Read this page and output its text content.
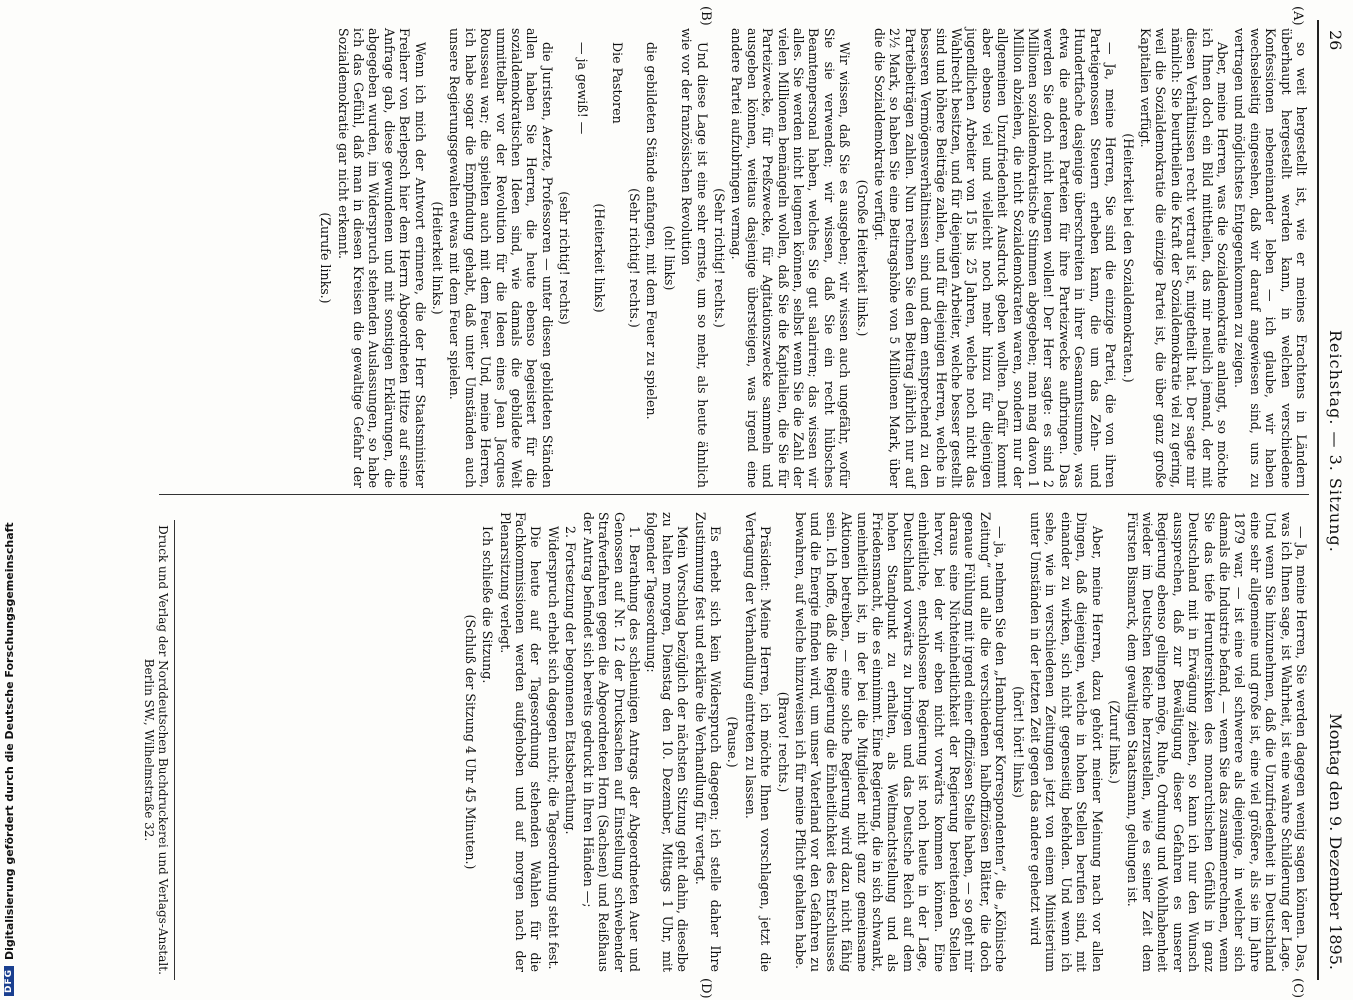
26
Reichstag. — 3. Sitzung.
Montag den 9. Dezember 1895.
(A)
(B)
(C)
(D)

so weit hergestellt ist, wie er meines Erachtens in Ländern überhaupt hergestellt werden kann, in welchen verschiedene Konfessionen nebeneinander leben — ich glaube, wir haben wechselseitig eingesehen, daß wir darauf angewiesen sind, uns zu vertragen und möglichstes Entgegenkommen zu zeigen.

Aber, meine Herren, was die Sozialdemokratie anlangt, so möchte ich Ihnen doch ein Bild mittheilen, das mir neulich jemand, der mit diesen Verhältnissen recht vertraut ist, mitgetheilt hat. Der sagte mir nämlich: Sie beurtheilen die Kraft der Sozialdemokratie viel zu gering, weil die Sozialdemokratie die einzige Partei ist, die über ganz große Kapitalien verfügt.

(Heiterkeit bei den Sozialdemokraten.)

— Ja, meine Herren, Sie sind die einzige Partei, die von ihren Parteigenossen Steuern erheben kann, die um das Zehn- und Hundertfache dasjenige überschreiten in ihrer Gesammtsumme, was etwa die anderen Parteien für ihre Parteizwecke aufbringen. Das werden Sie doch nicht leugnen wollen! Der Herr sagte: es sind 2 Millionen sozialdemokratische Stimmen abgegeben; man mag davon 1 Million abziehen, die nicht Sozialdemokraten waren, sondern nur der allgemeinen Unzufriedenheit Ausdruck geben wollten. Dafür kommt aber ebenso viel und vielleicht noch mehr hinzu für diejenigen jugendlichen Arbeiter von 15 bis 25 Jahren, welche noch nicht das Wahlrecht besitzen, und für diejenigen Arbeiter, welche besser gestellt sind und höhere Beiträge zahlen, und für diejenigen Herren, welche in besseren Vermögensverhältnissen sind und dem entsprechend zu den Parteibeiträgen zahlen. Nun rechnen Sie den Beitrag jährlich nur auf 2½ Mark, so haben Sie eine Beitragshöhe von 5 Millionen Mark, über die die Sozialdemokratie verfügt.

(Große Heiterkeit links.)

Wir wissen, daß Sie es ausgeben; wir wissen auch ungefähr, wofür Sie sie verwenden; wir wissen, daß Sie ein recht hübsches Beamtenpersonal haben, welches Sie gut salariren; das wissen wir alles. Sie werden nicht leugnen können, selbst wenn Sie die Zahl der vielen Millionen bemängeln wollen, daß Sie die Kapitalien, die Sie für Parteizwecke, für Preßzwecke, für Agitationszwecke sammeln und ausgeben können, weitaus dasjenige übersteigen, was irgend eine andere Partei aufzubringen vermag.

(Sehr richtig! rechts.)

Und diese Lage ist eine sehr ernste, um so mehr, als heute ähnlich wie vor der französischen Revolution

(oh! links)

die gebildeten Stände anfangen, mit dem Feuer zu spielen.

(Sehr richtig! rechts.)

Die Pastoren

(Heiterkeit links)

— ja gewiß! —

(sehr richtig! rechts)

die Juristen, Aerzte, Professoren — unter diesen gebildeten Ständen allen haben Sie Herren, die heute ebenso begeistert für die sozialdemokratischen Ideen sind, wie damals die gebildete Welt unmittelbar vor der Revolution für die Ideen eines Jean Jacques Rousseau war; die spielten auch mit dem Feuer. Und, meine Herren, ich habe sogar die Empfindung gehabt, daß unter Umständen auch unsere Regierungsgewalten etwas mit dem Feuer spielen.

(Heiterkeit links.)

Wenn ich mich der Antwort erinnere, die der Herr Staatsminister Freiherr von Berlepsch hier dem Herrn Abgeordneten Hitze auf seine Anfrage gab, diese gewundenen und mit sonstigen Erklärungen, die abgegeben wurden, im Widerspruch stehenden Auslassungen, so habe ich das Gefühl, daß man in diesen Kreisen die gewaltige Gefahr der Sozialdemokratie gar nicht erkennt.

(Zurufe links.)

— Ja, meine Herren, Sie werden dagegen wenig sagen können. Das, was ich Ihnen sage, ist Wahrheit, ist eine wahre Schilderung der Lage. Und wenn Sie hinzunehmen, daß die Unzufriedenheit in Deutschland eine sehr allgemeine und große ist, eine viel größere, als sie im Jahre 1879 war, — ist eine viel schwerere als diejenige, in welcher sich damals die Industrie befand, — wenn Sie das zusammenrechnen, wenn Sie das tiefe Heruntersinken des monarchischen Gefühls in ganz Deutschland mit in Erwägung ziehen, so kann ich nur den Wunsch aussprechen, daß zur Bewältigung dieser Gefahren es unserer Regierung ebenso gelingen möge, Ruhe, Ordnung und Wohlhabenheit wieder im Deutschen Reiche herzustellen, wie es seiner Zeit dem Fürsten Bismarck, dem gewaltigen Staatsmann, gelungen ist.

(Zuruf links.)

Aber, meine Herren, dazu gehört meiner Meinung nach vor allen Dingen, daß diejenigen, welche in hohen Stellen berufen sind, mit einander zu wirken, sich nicht gegenseitig befehden. Und wenn ich sehe, wie in verschiedenen Zeitungen jetzt von einem Ministerium unter Umständen in der letzten Zeit gegen das andere gehetzt wird

(hört! hört! links)

— ja, nehmen Sie den „Hamburger Korrespondenten“, die „Kölnische Zeitung“ und alle die verschiedenen halboffiziösen Blätter, die doch genaue Fühlung mit irgend einer offiziösen Stelle haben, — so geht mir daraus eine Nichteinheitlichkeit der Regierung bereitenden Stellen hervor, bei der wir eben nicht vorwärts kommen können. Eine einheitliche, entschlossene Regierung ist noch heute in der Lage, Deutschland vorwärts zu bringen und das Deutsche Reich auf dem hohen Standpunkt zu erhalten, als Weltmachtstellung und als Friedensmacht, die es einnimmt. Eine Regierung, die in sich schwankt, uneinheitlich ist, in der bei die Mitglieder nicht ganz gemeinsame Aktionen betreiben, — eine solche Regierung wird dazu nicht fähig sein. Ich hoffe, daß die Regierung die Einheitlichkeit des Entschlusses und die Energie finden wird, um unser Vaterland vor den Gefahren zu bewahren, auf welche hinzuweisen ich für meine Pflicht gehalten habe.

(Bravo! rechts.)

Präsident: Meine Herren, ich möchte Ihnen vorschlagen, jetzt die Vertagung der Verhandlung eintreten zu lassen.

(Pause.)

Es erhebt sich kein Widerspruch dagegen; ich stelle daher Ihre Zustimmung fest und erkläre die Verhandlung für vertagt.

Mein Vorschlag bezüglich der nächsten Sitzung geht dahin, dieselbe zu halten morgen, Dienstag den 10. Dezember, Mittags 1 Uhr, mit folgender Tagesordnung:

1. Berathung des schleunigen Antrags der Abgeordneten Auer und Genossen auf Nr. 12 der Drucksachen auf Einstellung schwebender Strafverfahren gegen die Abgeordneten Horn (Sachsen) und Reißhaus der Antrag befindet sich bereits gedruckt in Ihren Händen —;

2. Fortsetzung der begonnenen Etatsberathung.

Widerspruch erhebt sich dagegen nicht; die Tagesordnung steht fest.

Die heute auf der Tagesordnung stehenden Wahlen für die Fachkommissionen werden aufgehoben und auf morgen nach der Plenarsitzung verlegt.

Ich schließe die Sitzung.

(Schluß der Sitzung 4 Uhr 45 Minuten.)

Druck und Verlag der Norddeutschen Buchdruckerei und Verlags-Anstalt.
Berlin SW., Wilhelmstraße 32.
DFG
Digitalisierung gefördert durch die Deutsche Forschungsgemeinschaft
